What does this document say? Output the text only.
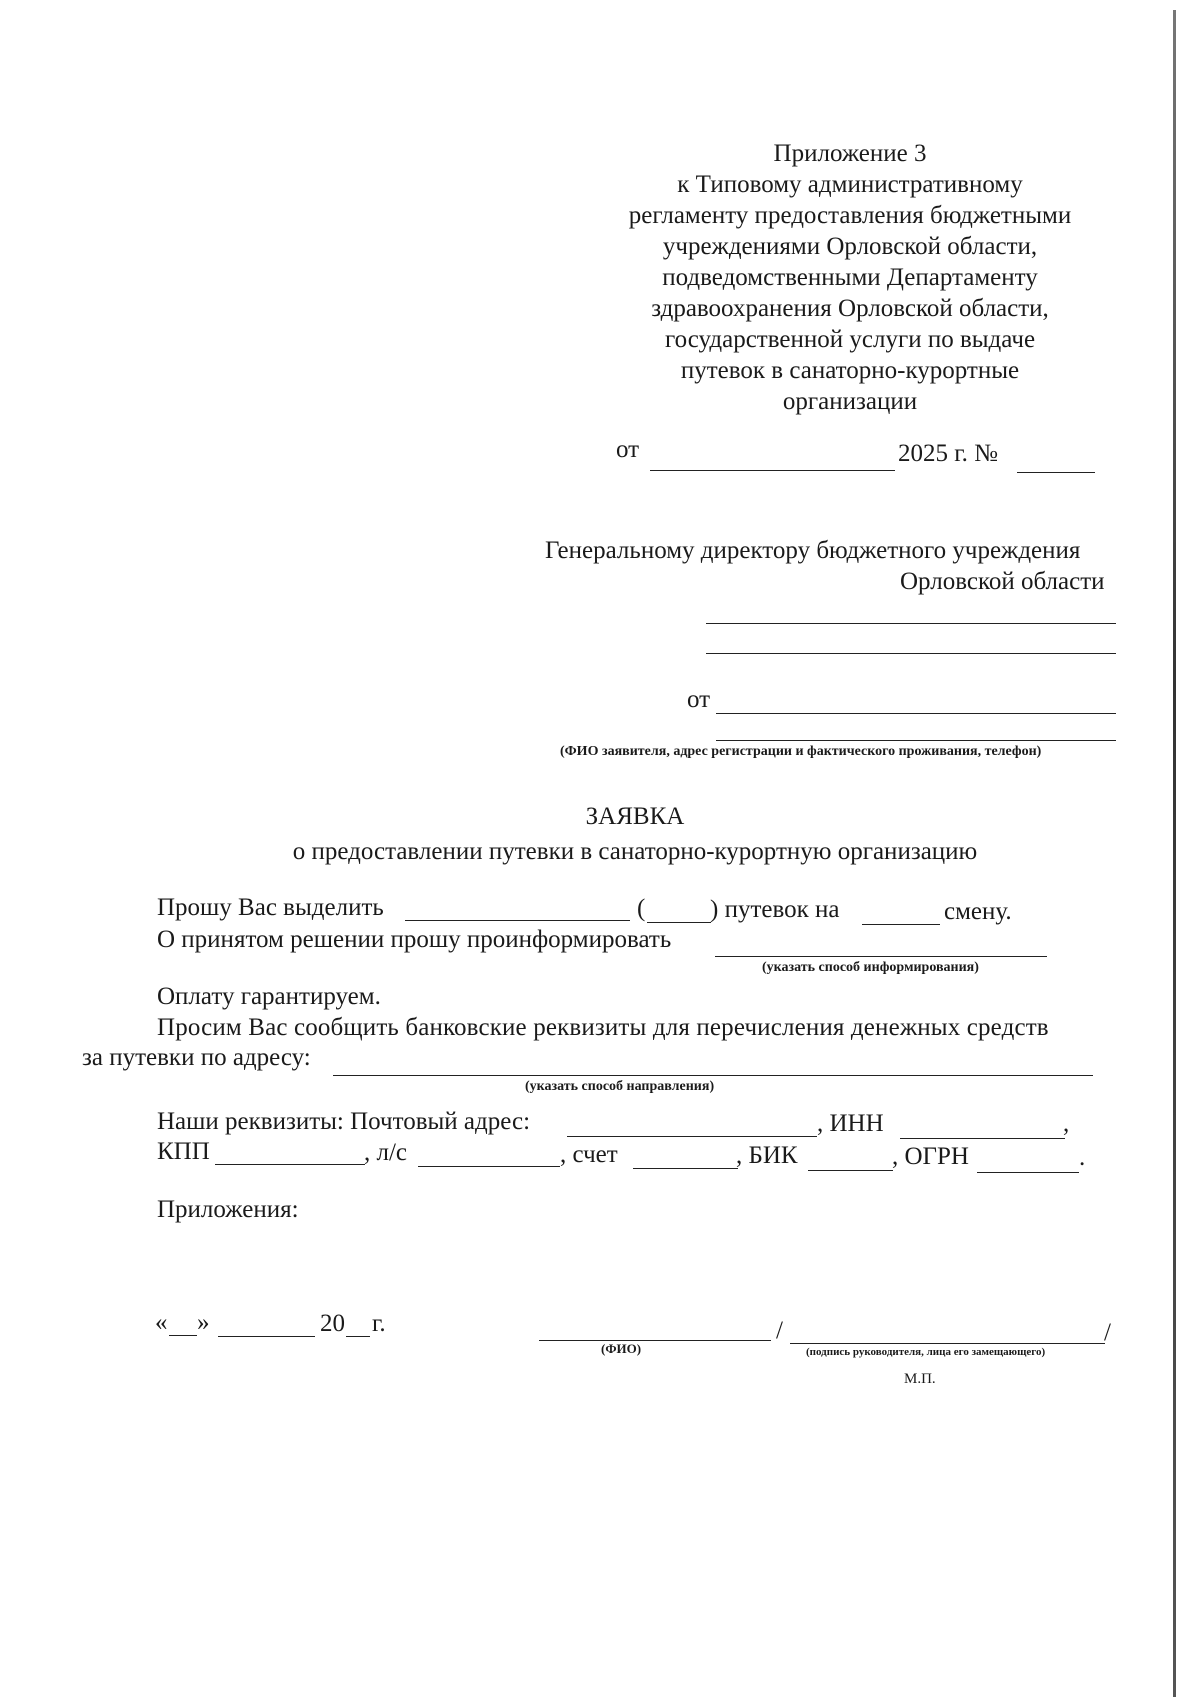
Приложение 3
к Типовому административному
регламенту предоставления бюджетными
учреждениями Орловской области,
подведомственными Департаменту
здравоохранения Орловской области,
государственной услуги по выдаче
путевок в санаторно-курортные
организации
от	2025 г. №
Генеральному директору бюджетного учреждения
Орловской области
от
(ФИО заявителя, адрес регистрации и фактического проживания, телефон)
ЗАЯВКА
о предоставлении путевки в санаторно-курортную организацию
Прошу Вас выделить	(	) путевок на	смену.
О принятом решении прошу проинформировать
(указать способ информирования)
Оплату гарантируем.
Просим Вас сообщить банковские реквизиты для перечисления денежных средств
за путевки по адресу:
(указать способ направления)
Наши реквизиты: Почтовый адрес:	, ИНН	,
КПП	, л/с	, счет	, БИК	, ОГРН	.
Приложения:
« »	20 г.	/	/
(ФИО)	(подпись руководителя, лица его замещающего)
М.П.
